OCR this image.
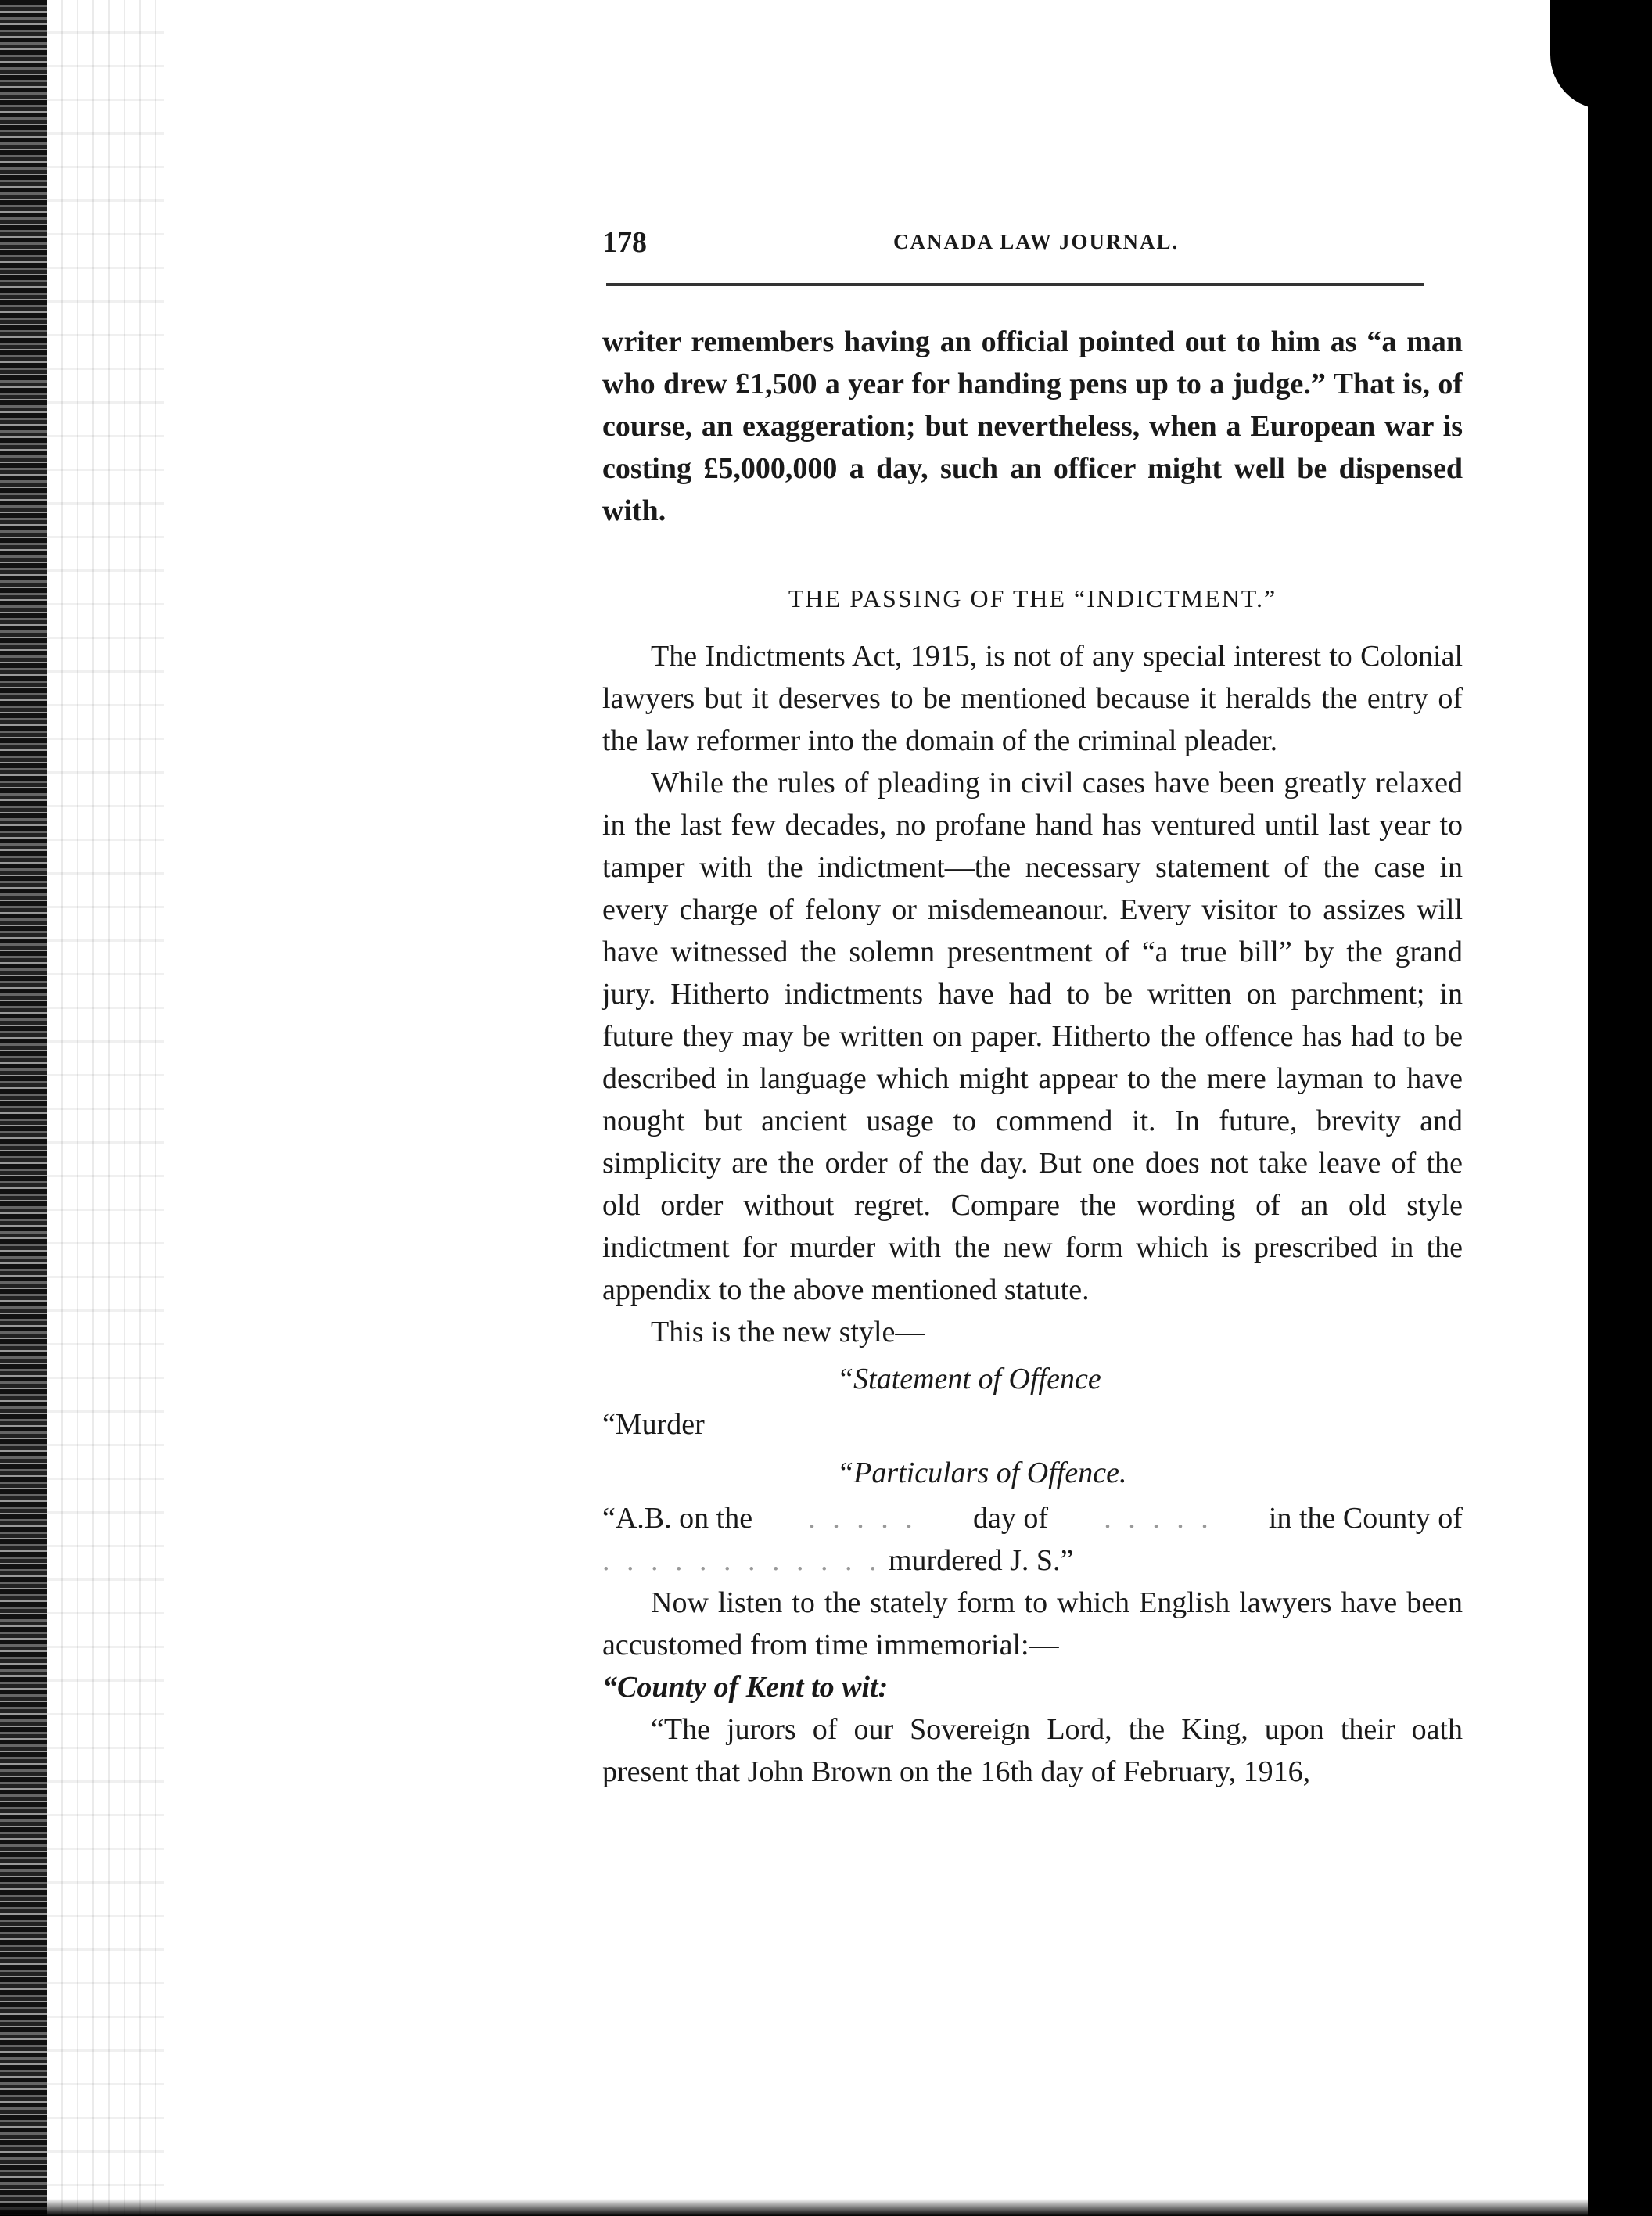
178	CANADA LAW JOURNAL.

writer remembers having an official pointed out to him as “a man who drew £1,500 a year for handing pens up to a judge.” That is, of course, an exaggeration; but nevertheless, when a European war is costing £5,000,000 a day, such an officer might well be dispensed with.

THE PASSING OF THE “INDICTMENT.”

The Indictments Act, 1915, is not of any special interest to Colonial lawyers but it deserves to be mentioned because it heralds the entry of the law reformer into the domain of the criminal pleader.

While the rules of pleading in civil cases have been greatly relaxed in the last few decades, no profane hand has ventured until last year to tamper with the indictment—the necessary statement of the case in every charge of felony or misdemeanour. Every visitor to assizes will have witnessed the solemn presentment of “a true bill” by the grand jury. Hitherto indictments have had to be written on parchment; in future they may be written on paper. Hitherto the offence has had to be described in language which might appear to the mere layman to have nought but ancient usage to commend it. In future, brevity and simplicity are the order of the day. But one does not take leave of the old order without regret. Compare the wording of an old style indictment for murder with the new form which is prescribed in the appendix to the above mentioned statute.

This is the new style—

“Statement of Offence
“Murder
“Particulars of Offence.
“A.B. on the . . . . . day of . . . . . in the County of
. . . . . . . . . . . . murdered J. S.”

Now listen to the stately form to which English lawyers have been accustomed from time immemorial:—

“County of Kent to wit:

“The jurors of our Sovereign Lord, the King, upon their oath present that John Brown on the 16th day of February, 1916,
